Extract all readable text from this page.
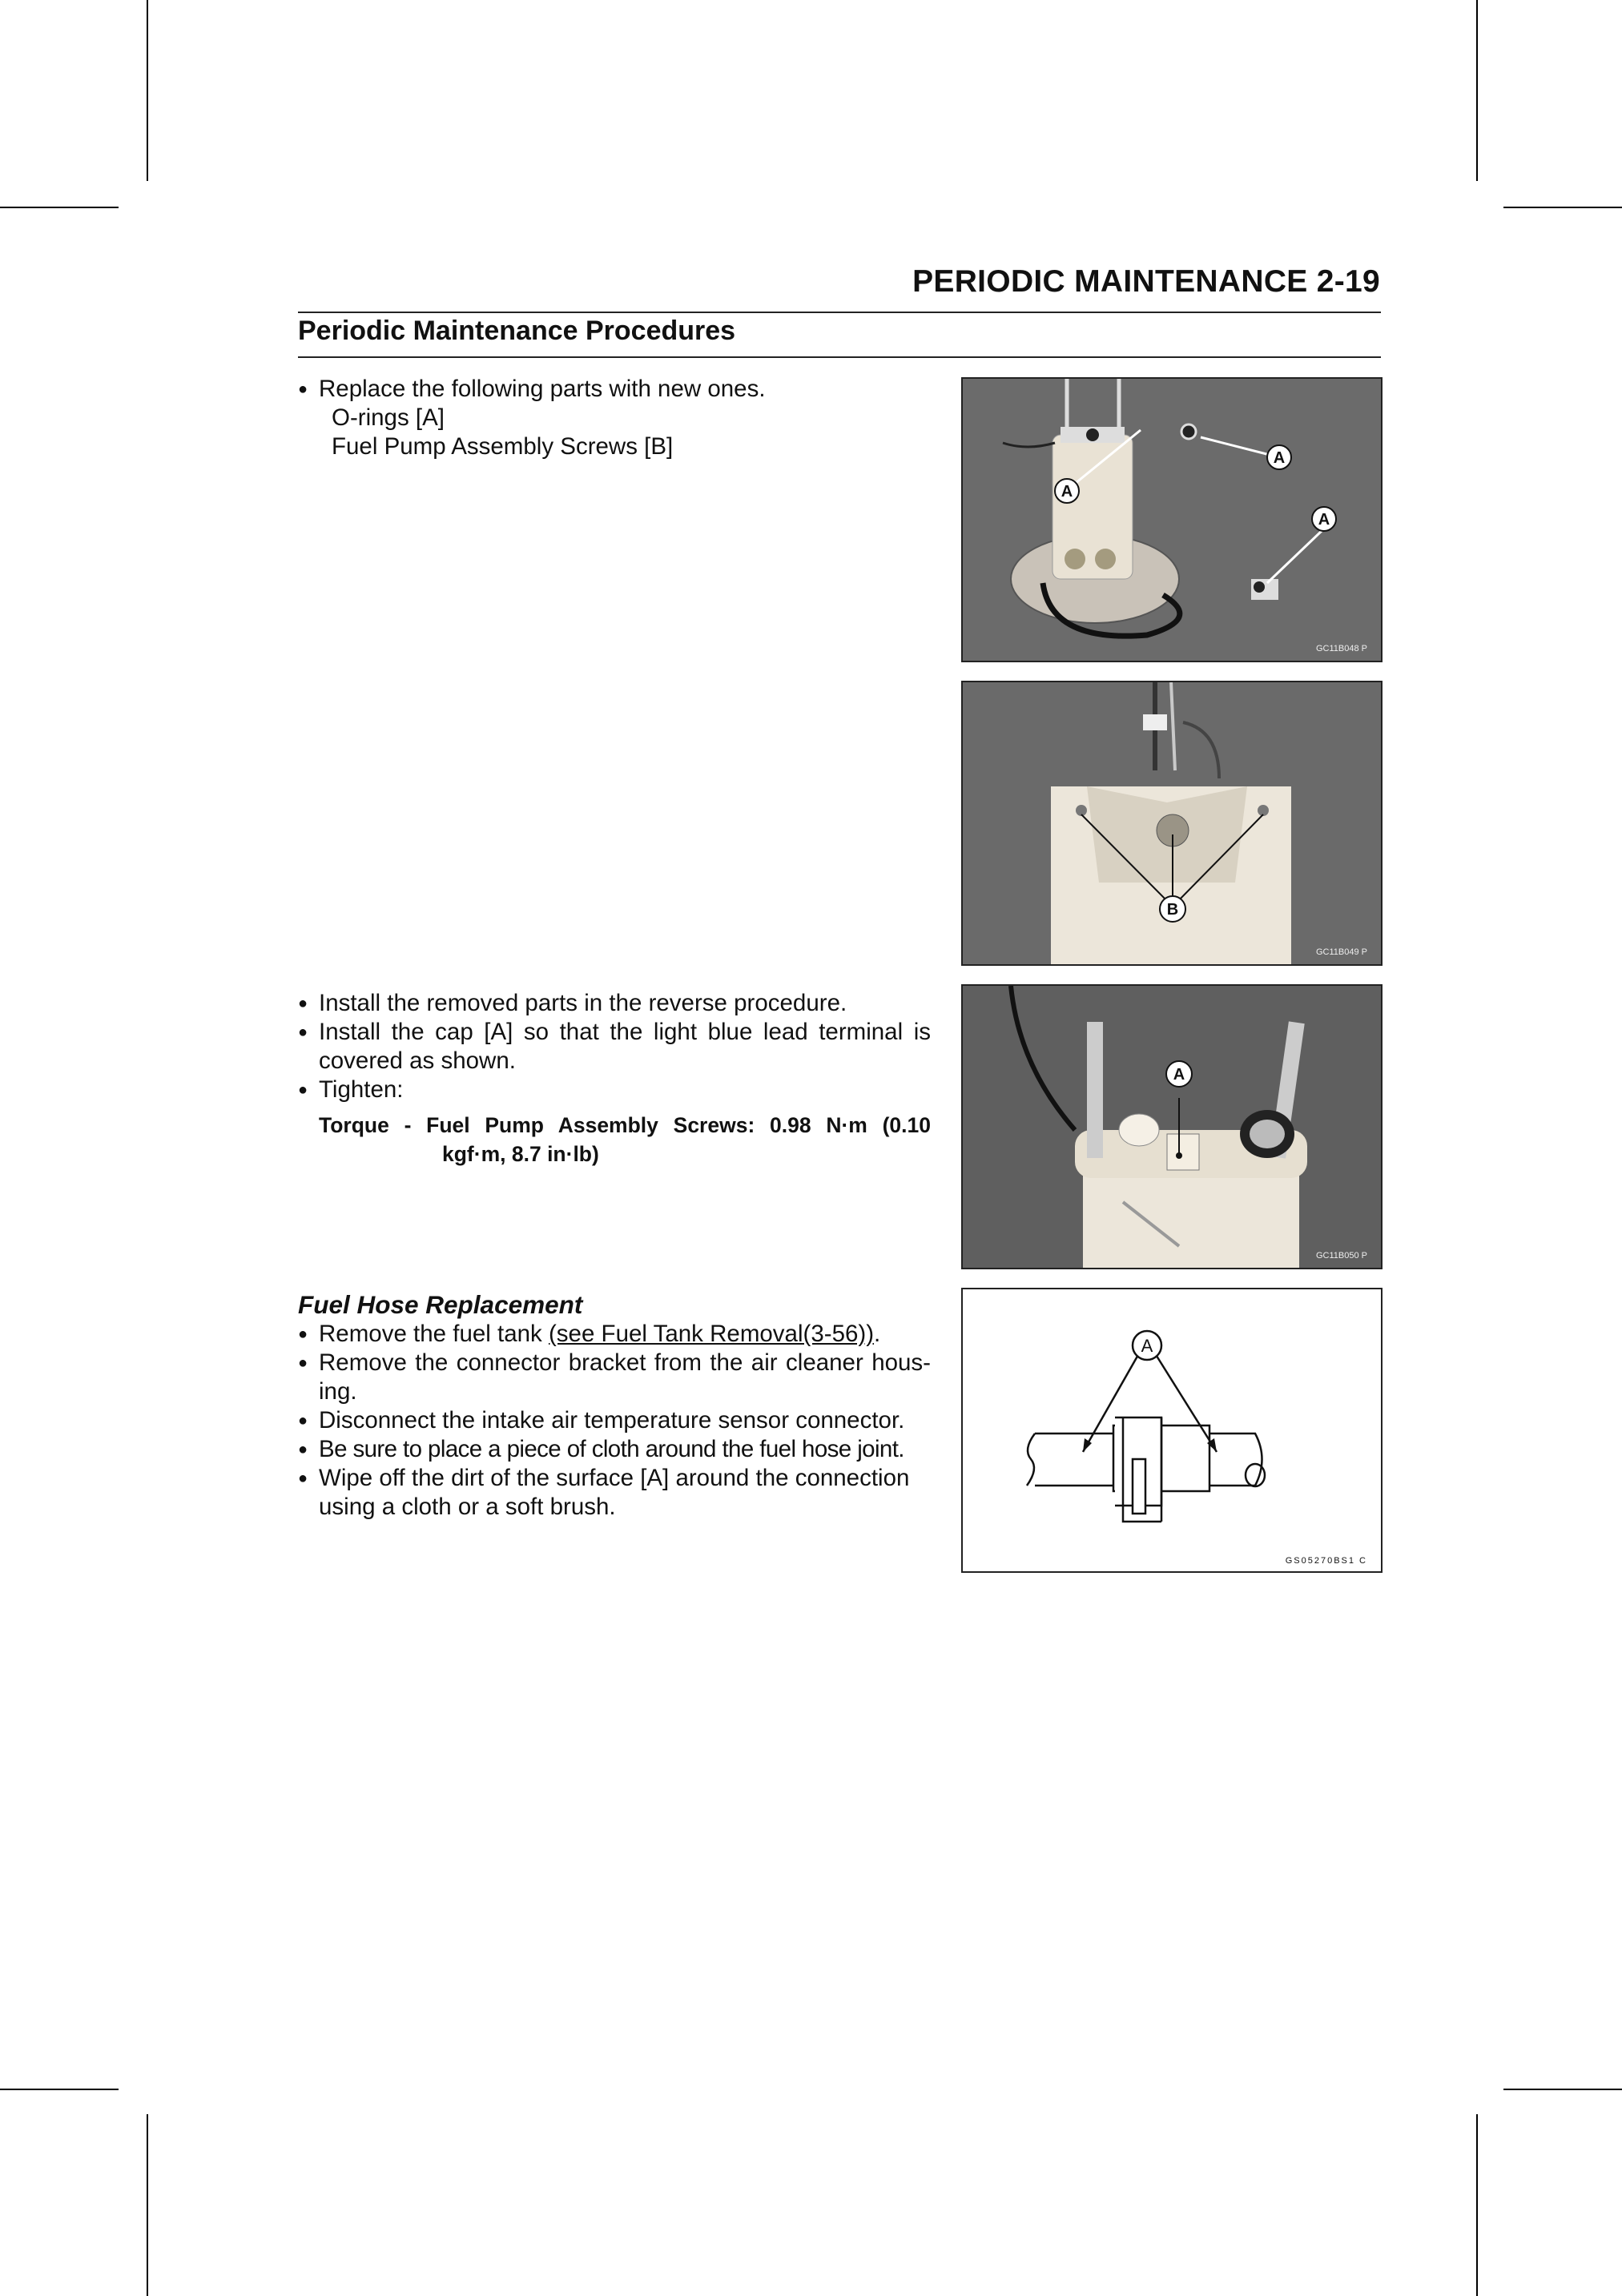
PERIODIC MAINTENANCE 2-19
Periodic Maintenance Procedures
● Replace the following parts with new ones.
O-rings [A]
Fuel Pump Assembly Screws [B]
● Install the removed parts in the reverse procedure.
● Install the cap [A] so that the light blue lead terminal is covered as shown.
● Tighten:
Torque - Fuel Pump Assembly Screws: 0.98 N·m (0.10
kgf·m, 8.7 in·lb)
Fuel Hose Replacement
● Remove the fuel tank (see Fuel Tank Removal(3-56)).
● Remove the connector bracket from the air cleaner hous-ing.
● Disconnect the intake air temperature sensor connector.
● Be sure to place a piece of cloth around the fuel hose joint.
● Wipe off the dirt of the surface [A] around the connection using a cloth or a soft brush.
A
A
A
GC11B048 P
B
GC11B049 P
A
GC11B050 P
A
GS05270BS1 C
